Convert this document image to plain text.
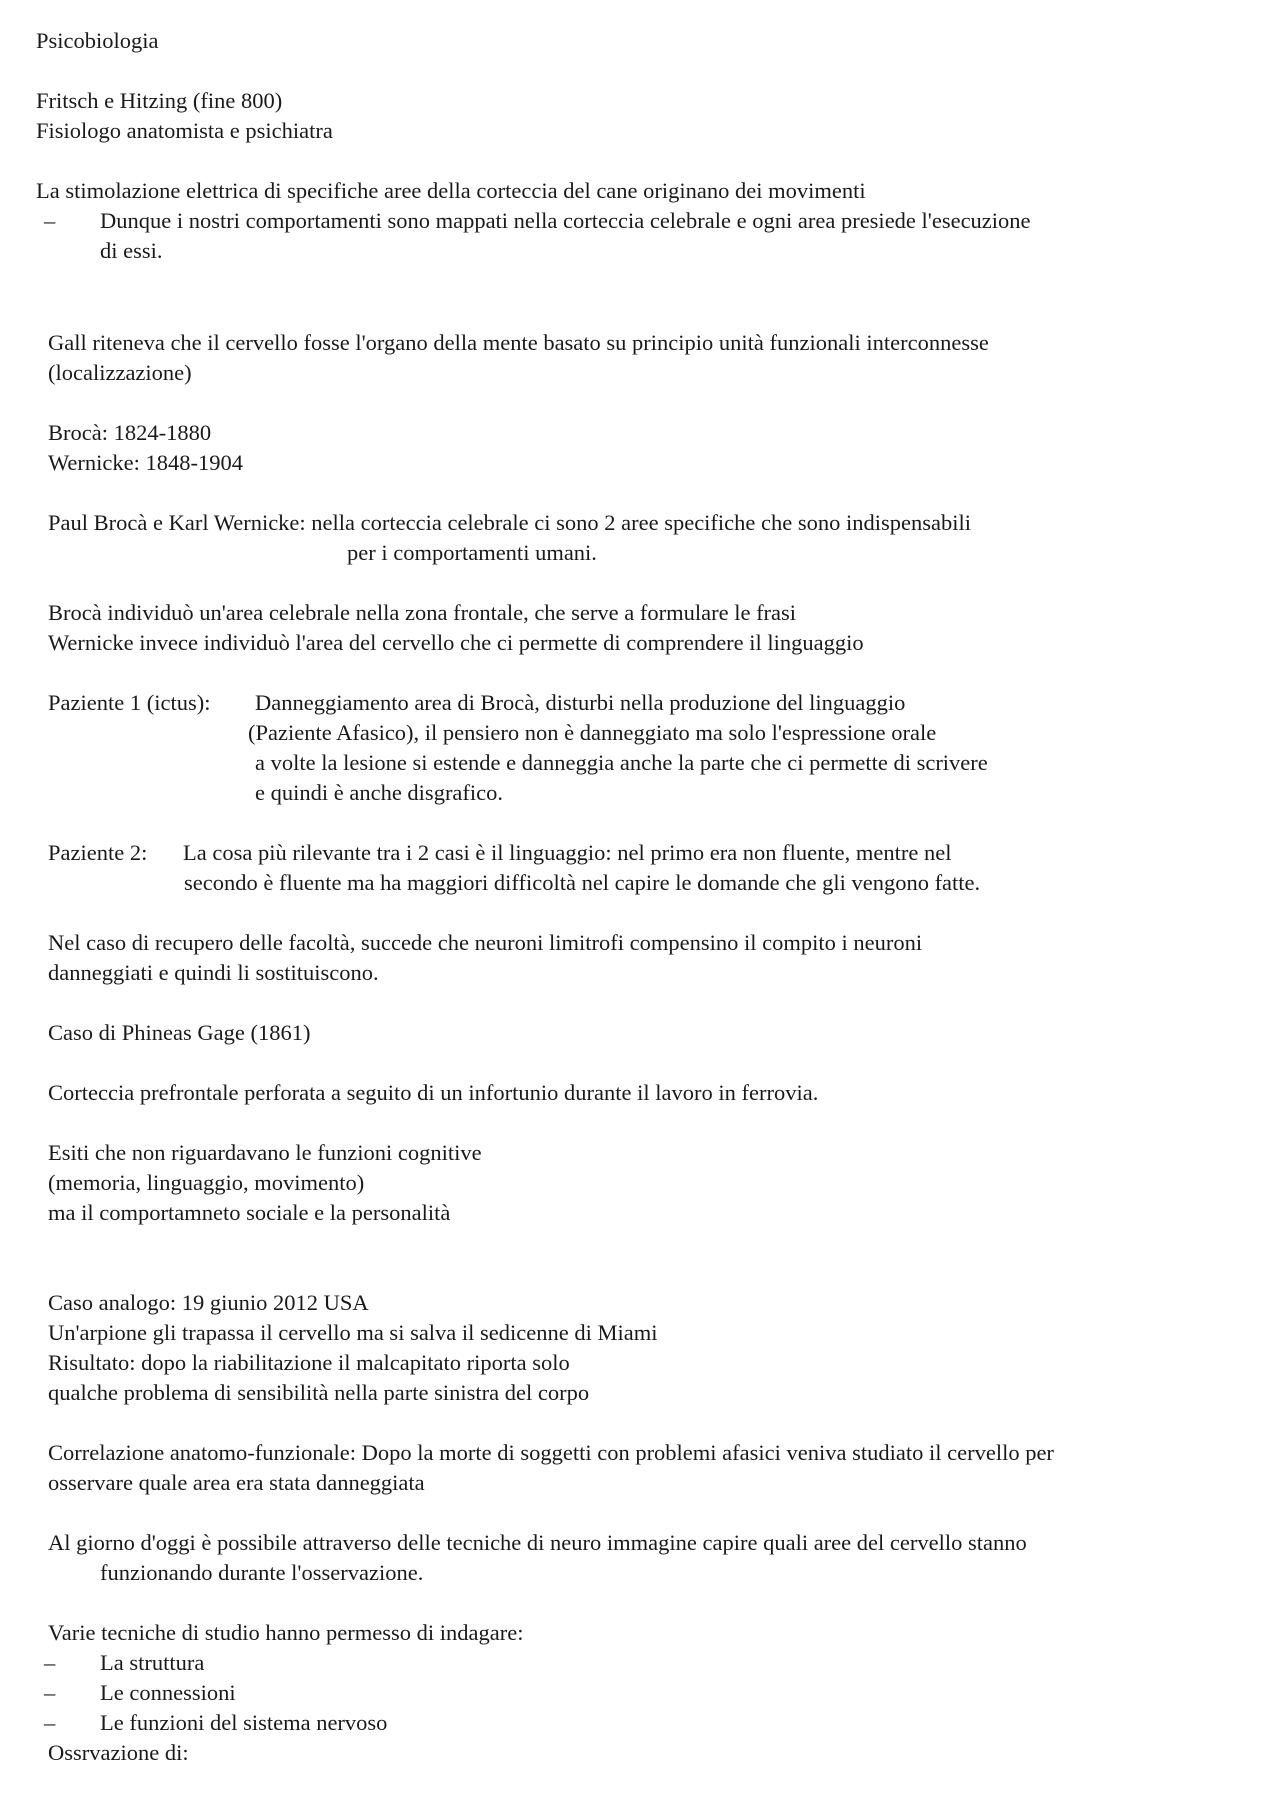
Psicobiologia
Fritsch e Hitzing (fine 800)
Fisiologo anatomista e psichiatra
La stimolazione elettrica di specifiche aree della corteccia del cane originano dei movimenti
– Dunque i nostri comportamenti sono mappati nella corteccia celebrale e ogni area presiede l'esecuzione
di essi.
Gall riteneva che il cervello fosse l'organo della mente basato su principio unità funzionali interconnesse
(localizzazione)
Brocà: 1824-1880
Wernicke: 1848-1904
Paul Brocà e Karl Wernicke: nella corteccia celebrale ci sono 2 aree specifiche che sono indispensabili
per i comportamenti umani.
Brocà individuò un'area celebrale nella zona frontale, che serve a formulare le frasi
Wernicke invece individuò l'area del cervello che ci permette di comprendere il linguaggio
Paziente 1 (ictus): Danneggiamento area di Brocà, disturbi nella produzione del linguaggio
(Paziente Afasico), il pensiero non è danneggiato ma solo l'espressione orale
a volte la lesione si estende e danneggia anche la parte che ci permette di scrivere
e quindi è anche disgrafico.
Paziente 2: La cosa più rilevante tra i 2 casi è il linguaggio: nel primo era non fluente, mentre nel
secondo è fluente ma ha maggiori difficoltà nel capire le domande che gli vengono fatte.
Nel caso di recupero delle facoltà, succede che neuroni limitrofi compensino il compito i neuroni
danneggiati e quindi li sostituiscono.
Caso di Phineas Gage (1861)
Corteccia prefrontale perforata a seguito di un infortunio durante il lavoro in ferrovia.
Esiti che non riguardavano le funzioni cognitive
(memoria, linguaggio, movimento)
ma il comportamneto sociale e la personalità
Caso analogo: 19 giunio 2012 USA
Un'arpione gli trapassa il cervello ma si salva il sedicenne di Miami
Risultato: dopo la riabilitazione il malcapitato riporta solo
qualche problema di sensibilità nella parte sinistra del corpo
Correlazione anatomo-funzionale: Dopo la morte di soggetti con problemi afasici veniva studiato il cervello per
osservare quale area era stata danneggiata
Al giorno d'oggi è possibile attraverso delle tecniche di neuro immagine capire quali aree del cervello stanno
funzionando durante l'osservazione.
Varie tecniche di studio hanno permesso di indagare:
– La struttura
– Le connessioni
– Le funzioni del sistema nervoso
Ossrvazione di:
